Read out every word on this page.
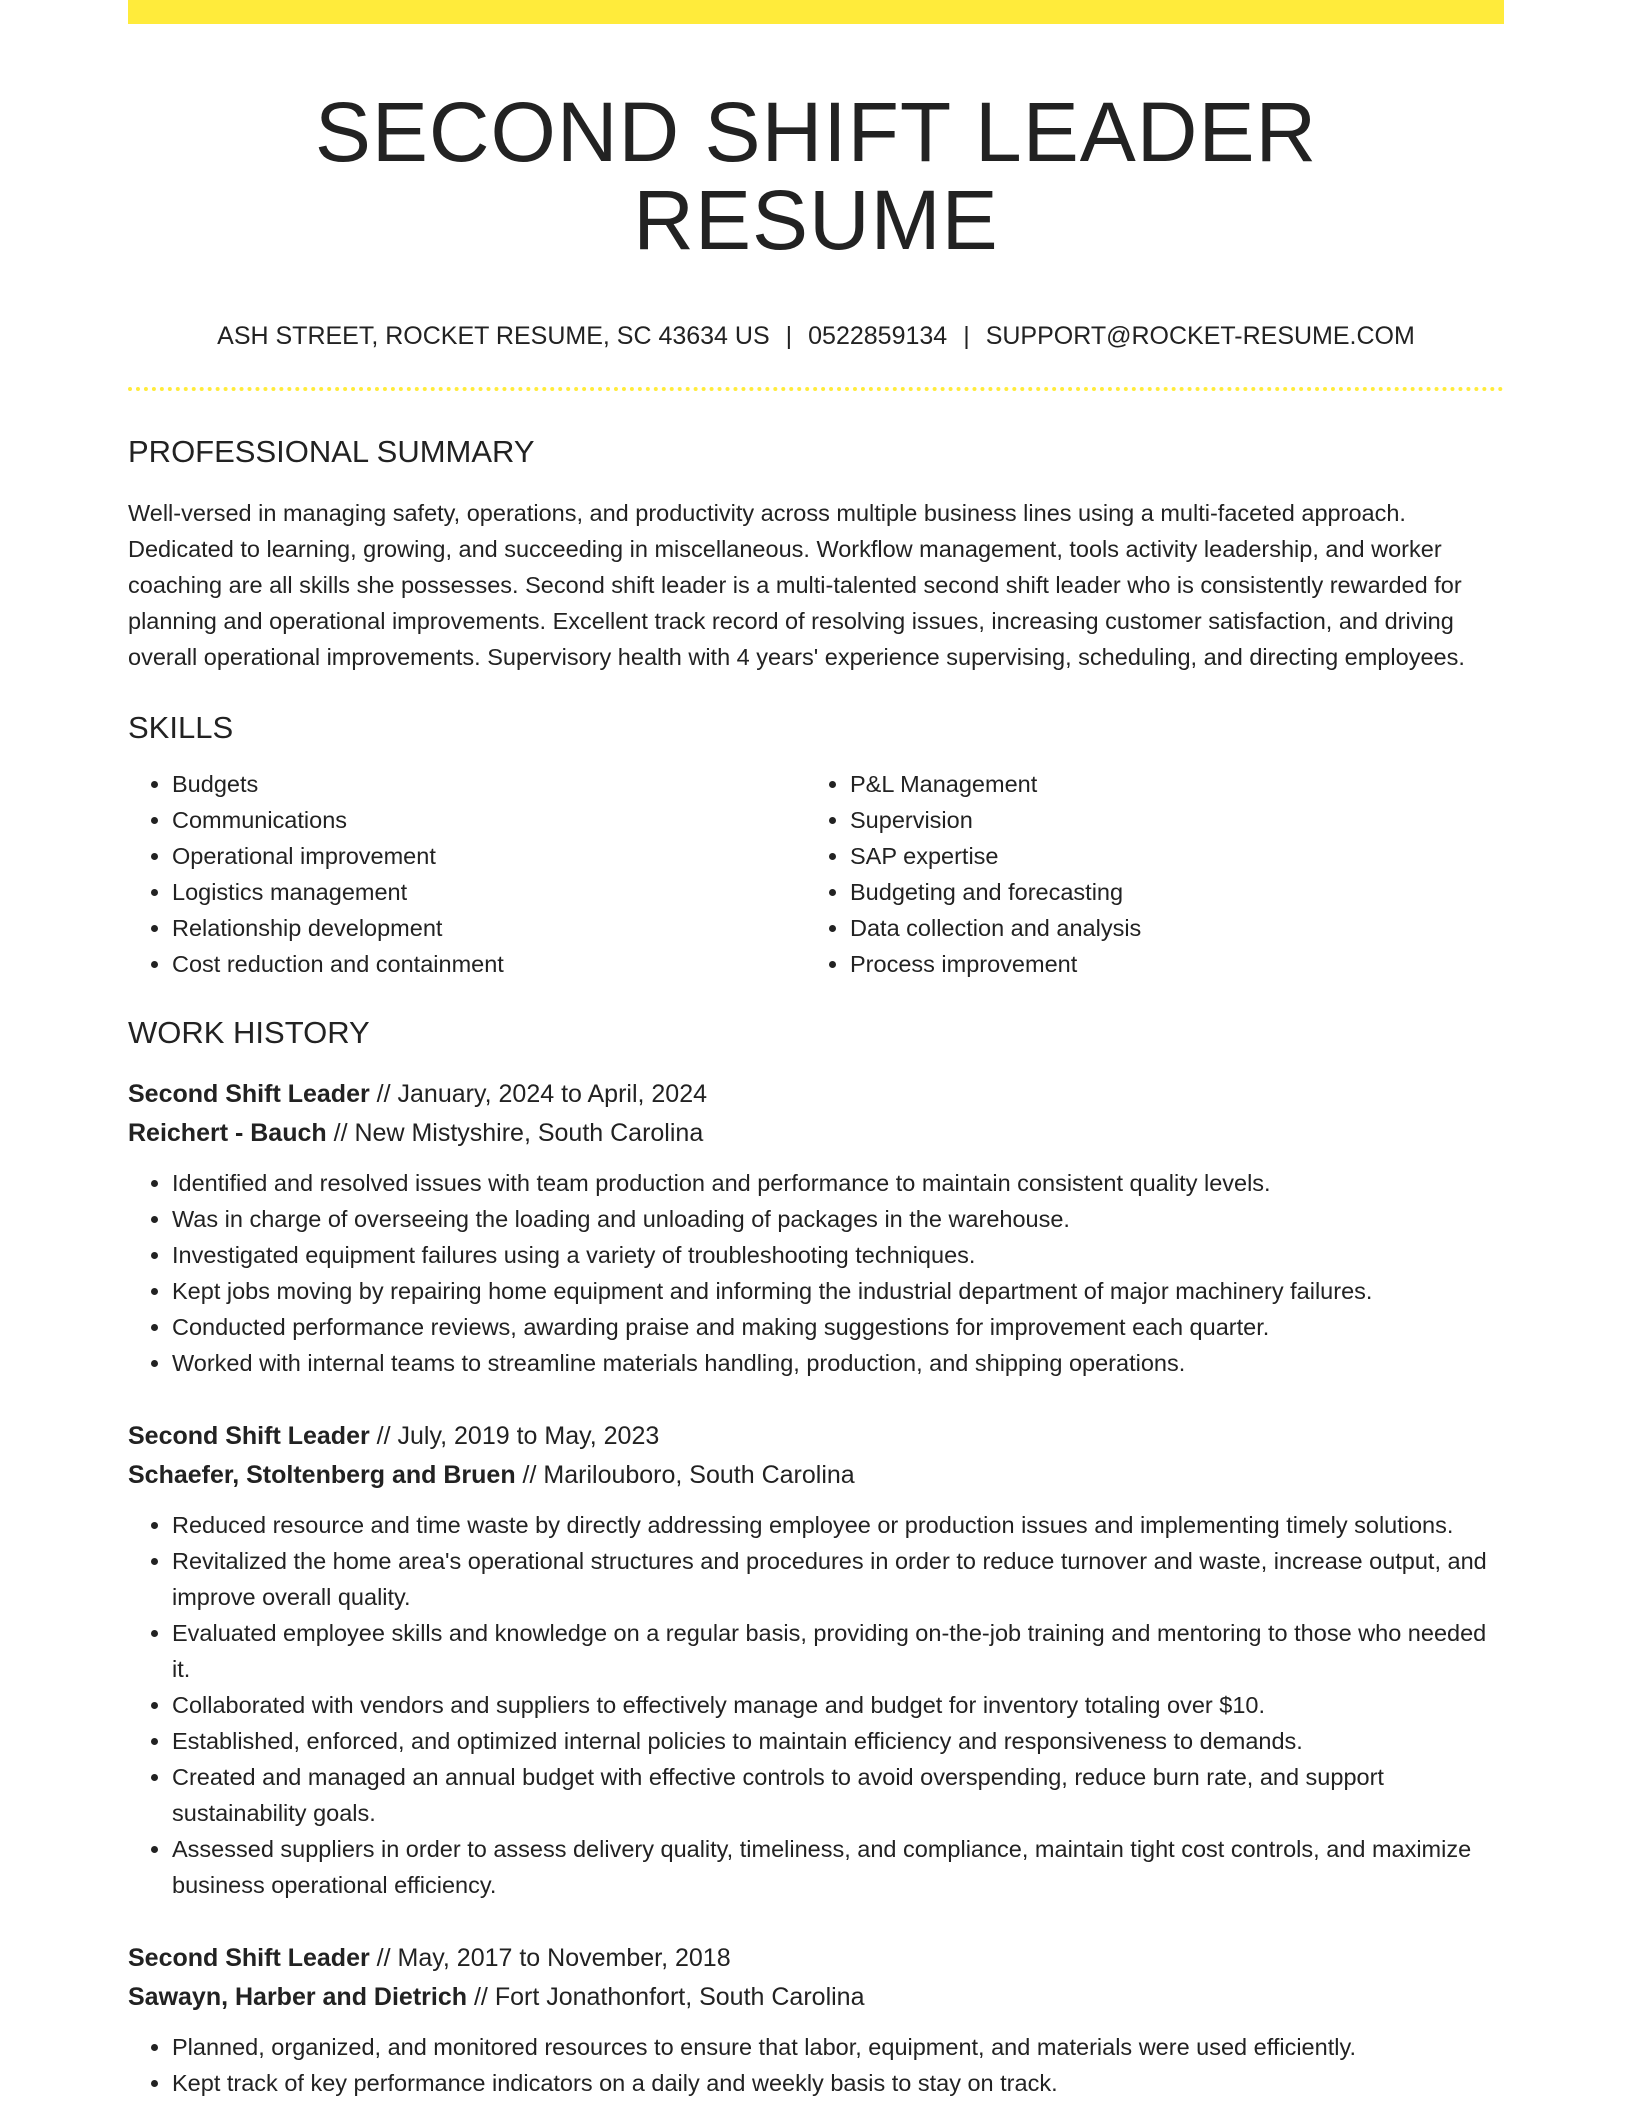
SECOND SHIFT LEADER RESUME
ASH STREET, ROCKET RESUME, SC 43634 US | 0522859134 | SUPPORT@ROCKET-RESUME.COM
PROFESSIONAL SUMMARY

Well-versed in managing safety, operations, and productivity across multiple business lines using a multi-faceted approach. Dedicated to learning, growing, and succeeding in miscellaneous. Workflow management, tools activity leadership, and worker coaching are all skills she possesses. Second shift leader is a multi-talented second shift leader who is consistently rewarded for planning and operational improvements. Excellent track record of resolving issues, increasing customer satisfaction, and driving overall operational improvements. Supervisory health with 4 years' experience supervising, scheduling, and directing employees.

SKILLS
• Budgets
• Communications
• Operational improvement
• Logistics management
• Relationship development
• Cost reduction and containment
• P&L Management
• Supervision
• SAP expertise
• Budgeting and forecasting
• Data collection and analysis
• Process improvement
WORK HISTORY
Second Shift Leader // January, 2024 to April, 2024
Reichert - Bauch // New Mistyshire, South Carolina
• Identified and resolved issues with team production and performance to maintain consistent quality levels.
• Was in charge of overseeing the loading and unloading of packages in the warehouse.
• Investigated equipment failures using a variety of troubleshooting techniques.
• Kept jobs moving by repairing home equipment and informing the industrial department of major machinery failures.
• Conducted performance reviews, awarding praise and making suggestions for improvement each quarter.
• Worked with internal teams to streamline materials handling, production, and shipping operations.
Second Shift Leader // July, 2019 to May, 2023
Schaefer, Stoltenberg and Bruen // Marilouboro, South Carolina
• Reduced resource and time waste by directly addressing employee or production issues and implementing timely solutions.
• Revitalized the home area's operational structures and procedures in order to reduce turnover and waste, increase output, and improve overall quality.
• Evaluated employee skills and knowledge on a regular basis, providing on-the-job training and mentoring to those who needed it.
• Collaborated with vendors and suppliers to effectively manage and budget for inventory totaling over $10.
• Established, enforced, and optimized internal policies to maintain efficiency and responsiveness to demands.
• Created and managed an annual budget with effective controls to avoid overspending, reduce burn rate, and support sustainability goals.
• Assessed suppliers in order to assess delivery quality, timeliness, and compliance, maintain tight cost controls, and maximize business operational efficiency.
Second Shift Leader // May, 2017 to November, 2018
Sawayn, Harber and Dietrich // Fort Jonathonfort, South Carolina
• Planned, organized, and monitored resources to ensure that labor, equipment, and materials were used efficiently.
• Kept track of key performance indicators on a daily and weekly basis to stay on track.
